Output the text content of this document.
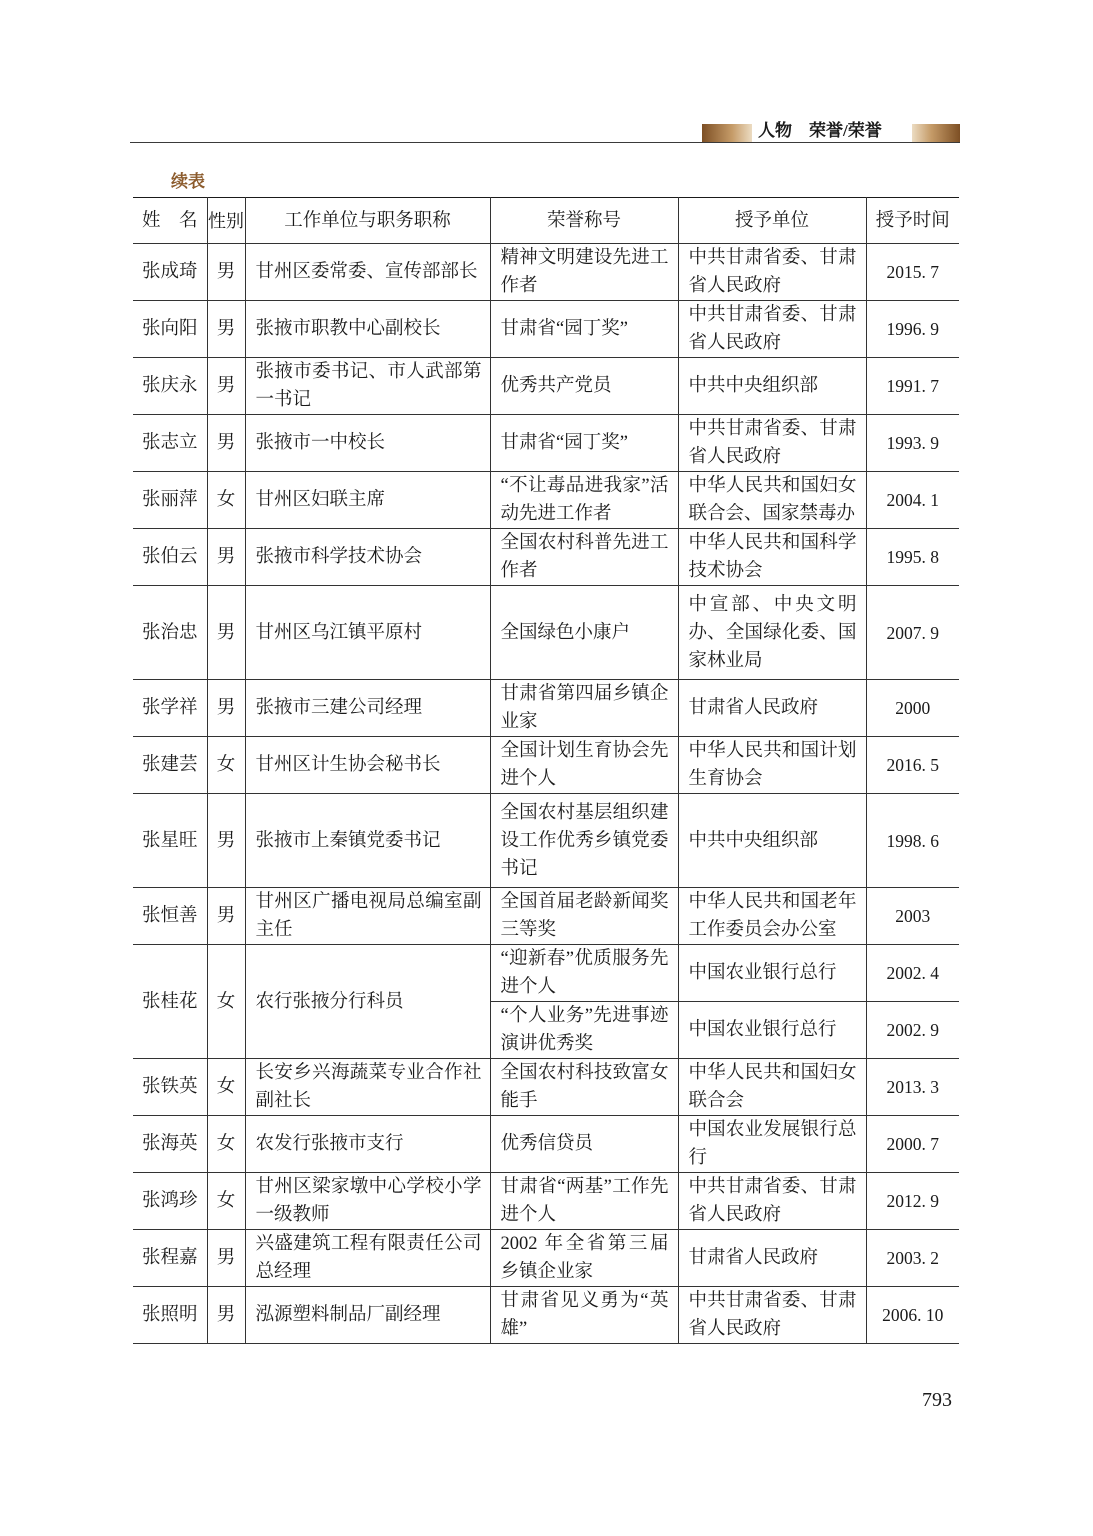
人物　荣誉/荣誉
续表
姓　名	性别	工作单位与职务职称	荣誉称号	授予单位	授予时间
张成琦	男	甘州区委常委、宣传部部长	精神文明建设先进工作者	中共甘肃省委、甘肃省人民政府	2015. 7
张向阳	男	张掖市职教中心副校长	甘肃省“园丁奖”	中共甘肃省委、甘肃省人民政府	1996. 9
张庆永	男	张掖市委书记、市人武部第一书记	优秀共产党员	中共中央组织部	1991. 7
张志立	男	张掖市一中校长	甘肃省“园丁奖”	中共甘肃省委、甘肃省人民政府	1993. 9
张丽萍	女	甘州区妇联主席	“不让毒品进我家”活动先进工作者	中华人民共和国妇女联合会、国家禁毒办	2004. 1
张伯云	男	张掖市科学技术协会	全国农村科普先进工作者	中华人民共和国科学技术协会	1995. 8
张治忠	男	甘州区乌江镇平原村	全国绿色小康户	中宣部、中央文明办、全国绿化委、国家林业局	2007. 9
张学祥	男	张掖市三建公司经理	甘肃省第四届乡镇企业家	甘肃省人民政府	2000
张建芸	女	甘州区计生协会秘书长	全国计划生育协会先进个人	中华人民共和国计划生育协会	2016. 5
张星旺	男	张掖市上秦镇党委书记	全国农村基层组织建设工作优秀乡镇党委书记	中共中央组织部	1998. 6
张恒善	男	甘州区广播电视局总编室副主任	全国首届老龄新闻奖三等奖	中华人民共和国老年工作委员会办公室	2003
张桂花	女	农行张掖分行科员	“迎新春”优质服务先进个人	中国农业银行总行	2002. 4
			“个人业务”先进事迹演讲优秀奖	中国农业银行总行	2002. 9
张铁英	女	长安乡兴海蔬菜专业合作社副社长	全国农村科技致富女能手	中华人民共和国妇女联合会	2013. 3
张海英	女	农发行张掖市支行	优秀信贷员	中国农业发展银行总行	2000. 7
张鸿珍	女	甘州区梁家墩中心学校小学一级教师	甘肃省“两基”工作先进个人	中共甘肃省委、甘肃省人民政府	2012. 9
张程嘉	男	兴盛建筑工程有限责任公司总经理	2002 年全省第三届乡镇企业家	甘肃省人民政府	2003. 2
张照明	男	泓源塑料制品厂副经理	甘肃省见义勇为“英雄”	中共甘肃省委、甘肃省人民政府	2006. 10
793
